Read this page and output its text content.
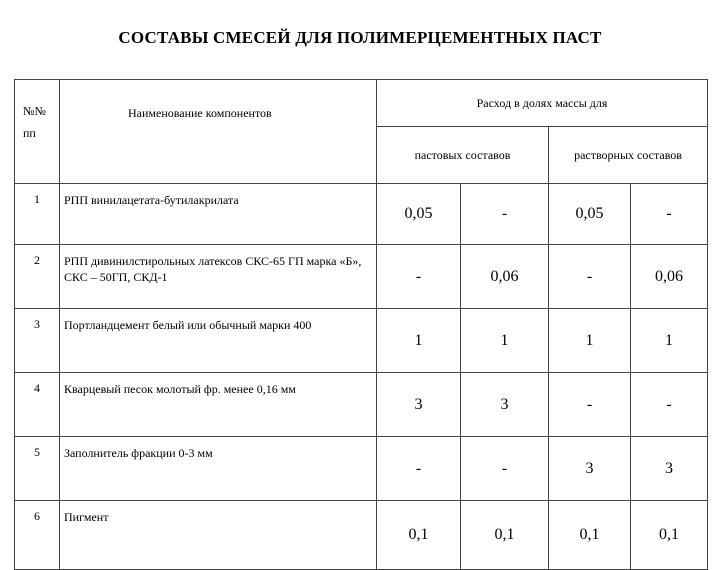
СОСТАВЫ СМЕСЕЙ ДЛЯ ПОЛИМЕРЦЕМЕНТНЫХ ПАСТ
№№
пп	Наименование компонентов	Расход в долях массы для			
		пастовых составов		растворных составов	
1	РПП винилацетата-бутилакрилата	0,05	-	0,05	-
2	РПП дивинилстирольных латексов СКС-65 ГП марка «Б», СКС – 50ГП, СКД-1	-	0,06	-	0,06
3	Портландцемент белый или обычный марки 400	1	1	1	1
4	Кварцевый песок молотый фр. менее 0,16 мм	3	3	-	-
5	Заполнитель фракции 0-3 мм	-	-	3	3
6	Пигмент	0,1	0,1	0,1	0,1
